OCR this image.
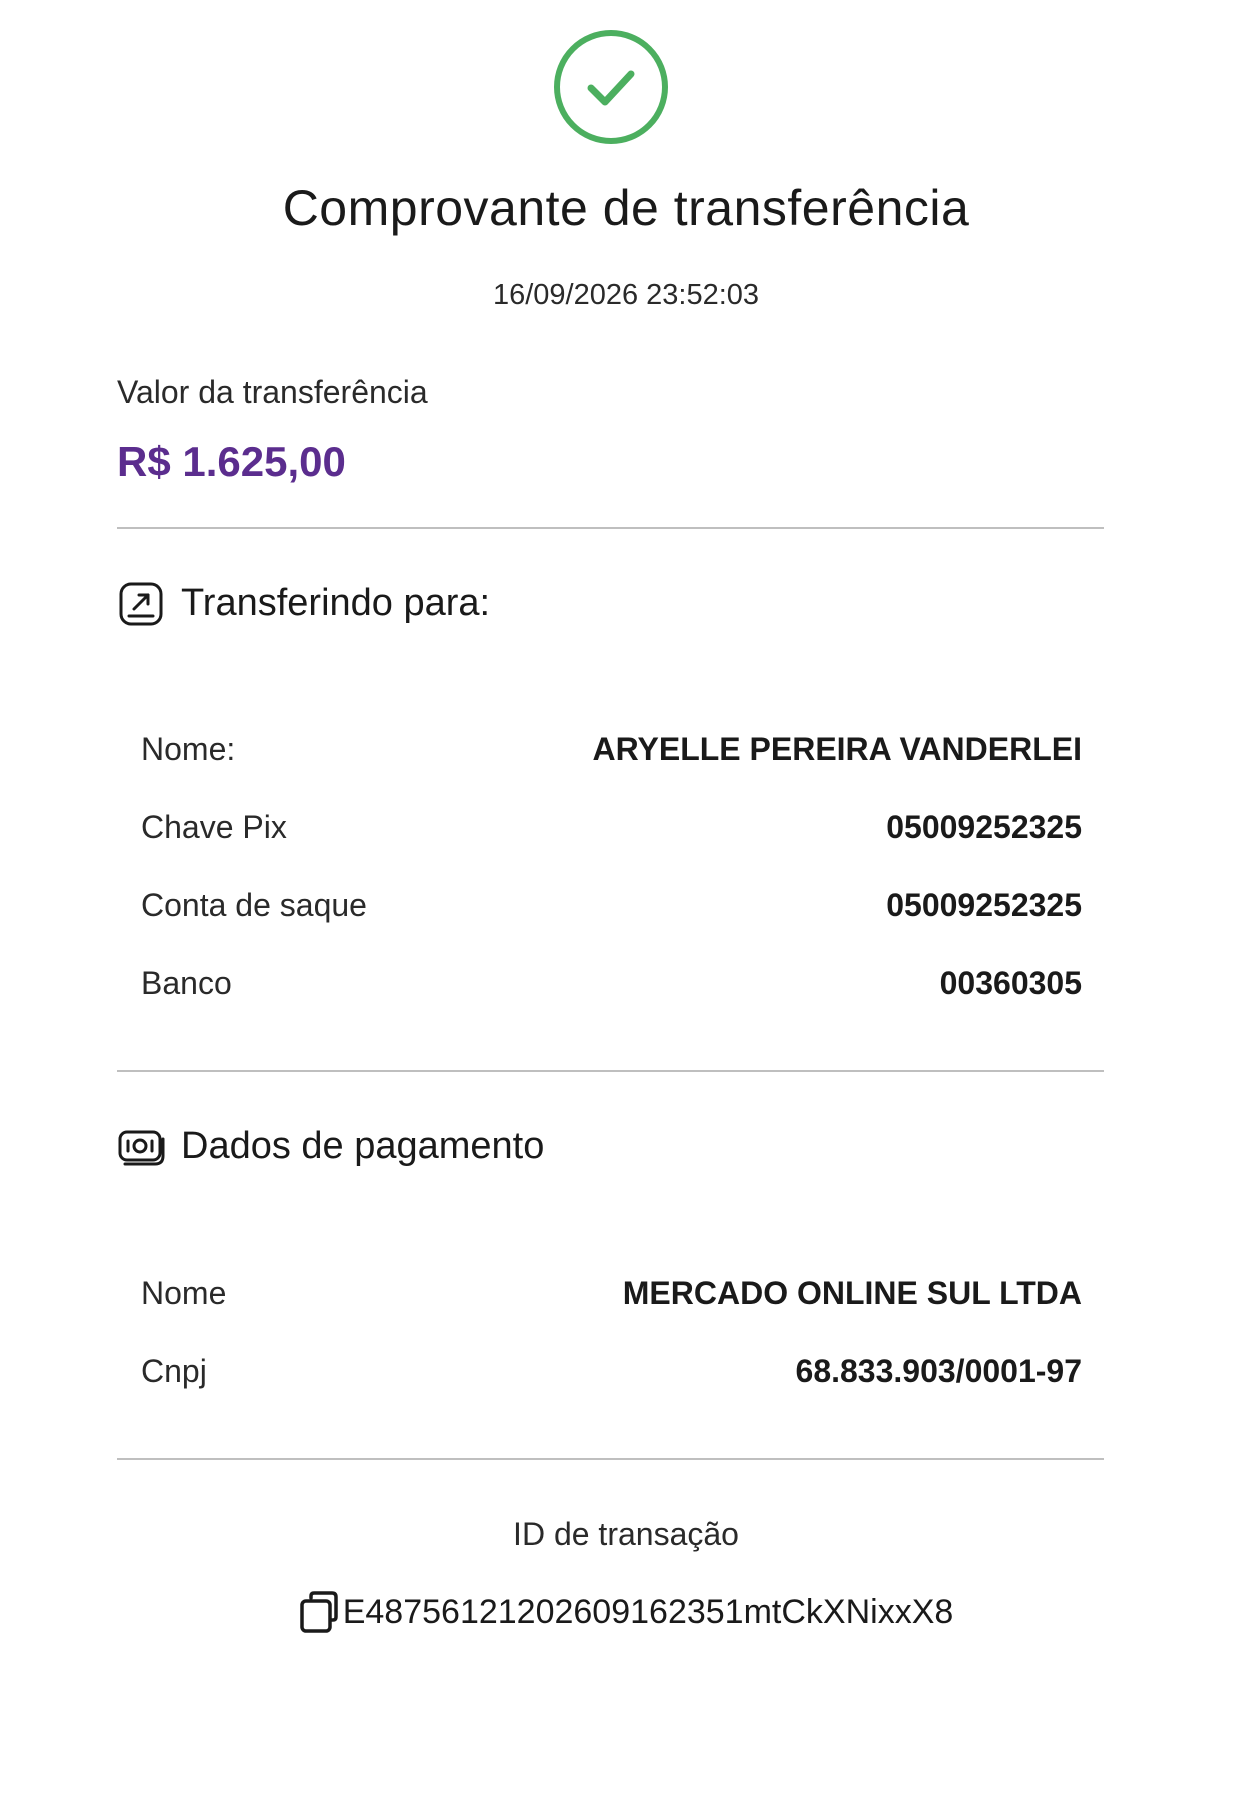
Comprovante de transferência
16/09/2026 23:52:03
Valor da transferência
R$ 1.625,00
Transferindo para:
Nome:	ARYELLE PEREIRA VANDERLEI
Chave Pix	05009252325
Conta de saque	05009252325
Banco	00360305
Dados de pagamento
Nome	MERCADO ONLINE SUL LTDA
Cnpj	68.833.903/0001-97
ID de transação
E48756121202609162351mtCkXNixxX8
